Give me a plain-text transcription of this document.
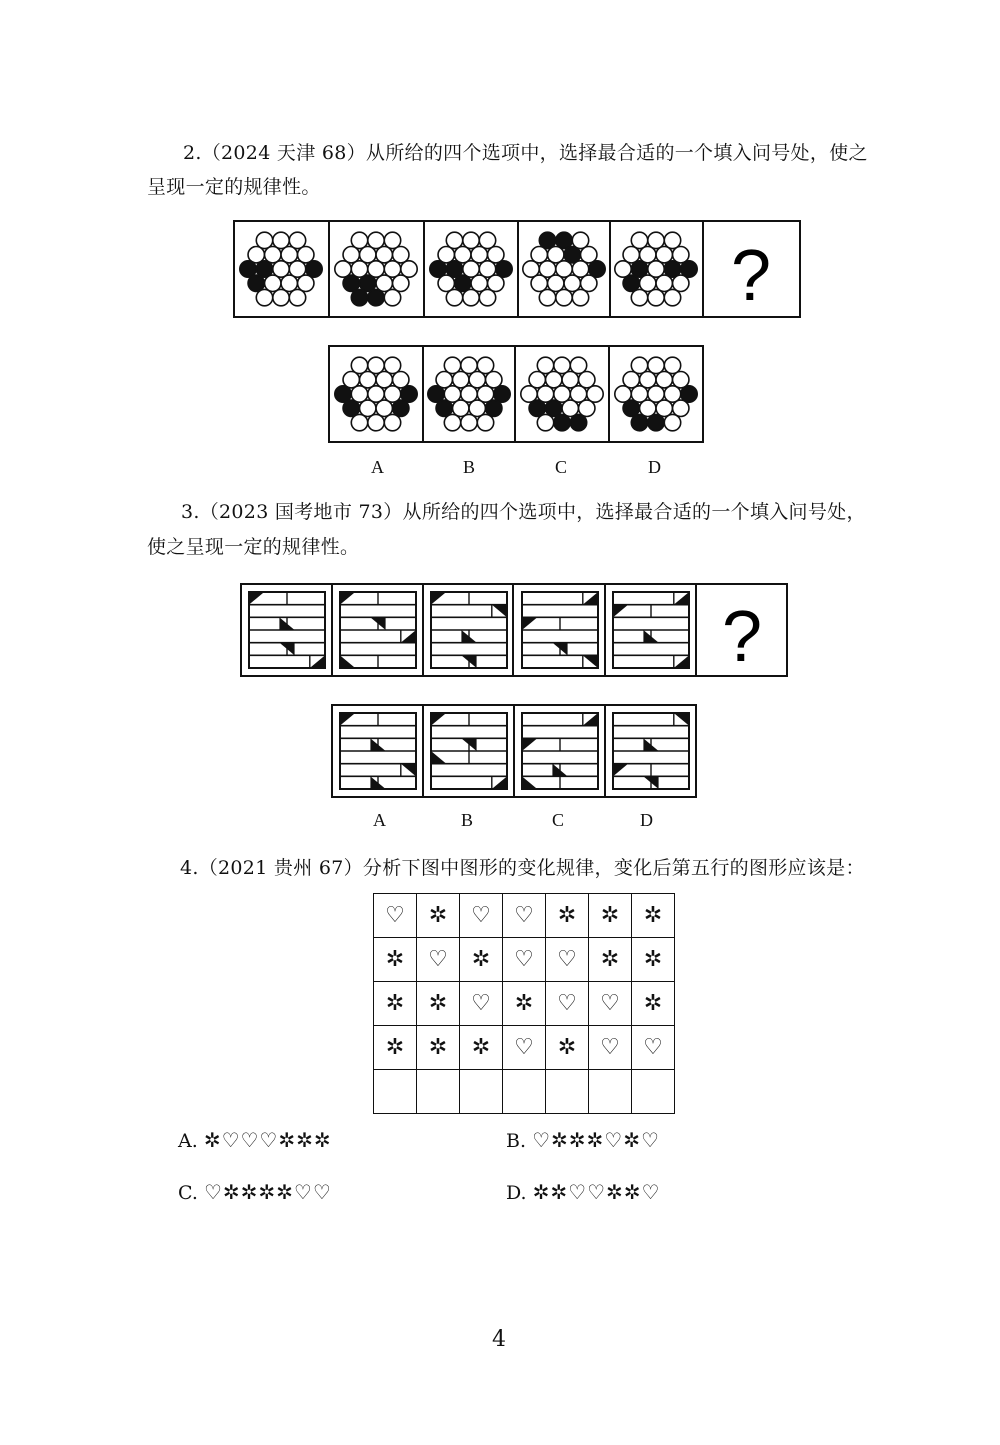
2.（2024 天津 68）从所给的四个选项中，选择最合适的一个填入问号处，使之
呈现一定的规律性。
?
A	B	C	D
3.（2023 国考地市 73）从所给的四个选项中，选择最合适的一个填入问号处，
使之呈现一定的规律性。
?
A	B	C	D
4.（2021 贵州 67）分析下图中图形的变化规律，变化后第五行的图形应该是：
♡	✲	♡	♡	✲	✲	✲
✲	♡	✲	♡	♡	✲	✲
✲	✲	♡	✲	♡	♡	✲
✲	✲	✲	♡	✲	♡	♡

A. ✲♡♡♡✲✲✲	B. ♡✲✲✲♡✲♡
C. ♡✲✲✲✲♡♡	D. ✲✲♡♡✲✲♡
4
